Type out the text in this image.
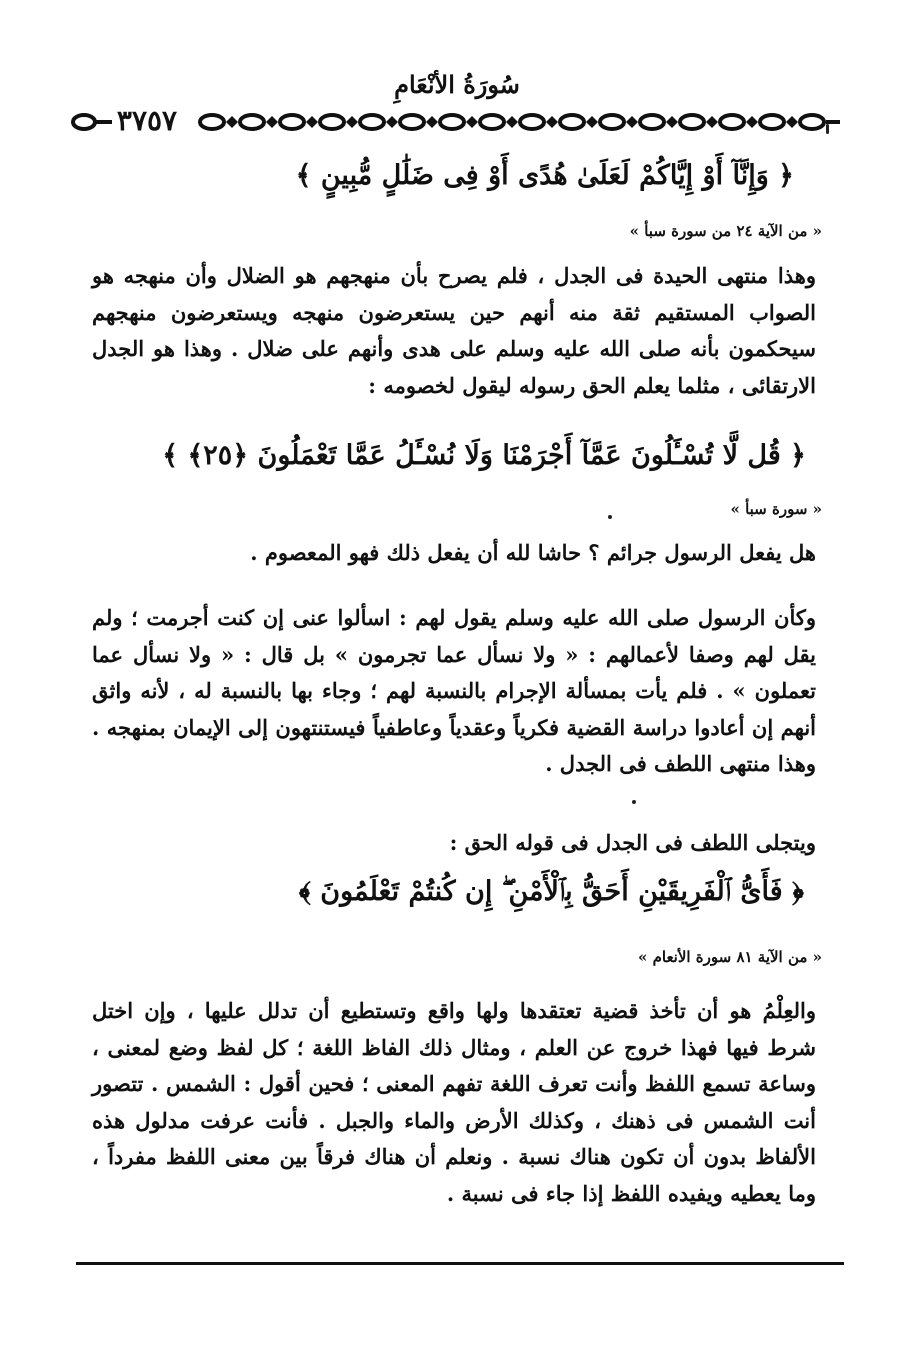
سُورَةُ الأنْعَامِ
٣٧٥٧
﴿ وَإِنَّآ أَوْ إِيَّاكُمْ لَعَلَىٰ هُدًى أَوْ فِى ضَلَٰلٍ مُّبِينٍ ﴾
« من الآية ٢٤ من سورة سبأ »
وهذا منتهى الحيدة فى الجدل ، فلم يصرح بأن منهجهم هو الضلال وأن منهجه هو الصواب المستقيم ثقة منه أنهم حين يستعرضون منهجه ويستعرضون منهجهم سيحكمون بأنه صلى الله عليه وسلم على هدى وأنهم على ضلال . وهذا هو الجدل الارتقائى ، مثلما يعلم الحق رسوله ليقول لخصومه :
﴿ قُل لَّا تُسْـَٔلُونَ عَمَّآ أَجْرَمْنَا وَلَا نُسْـَٔلُ عَمَّا تَعْمَلُونَ ﴿٢٥﴾ ﴾
« سورة سبأ »
هل يفعل الرسول جرائم ؟ حاشا لله أن يفعل ذلك فهو المعصوم .
وكأن الرسول صلى الله عليه وسلم يقول لهم : اسألوا عنى إن كنت أجرمت ؛ ولم يقل لهم وصفا لأعمالهم : « ولا نسأل عما تجرمون » بل قال : « ولا نسأل عما تعملون » . فلم يأت بمسألة الإجرام بالنسبة لهم ؛ وجاء بها بالنسبة له ، لأنه واثق أنهم إن أعادوا دراسة القضية فكرياً وعقدياً وعاطفياً فيستنتهون إلى الإيمان بمنهجه . وهذا منتهى اللطف فى الجدل .
ويتجلى اللطف فى الجدل فى قوله الحق :
﴿ فَأَىُّ ٱلْفَرِيقَيْنِ أَحَقُّ بِٱلْأَمْنِ ۖ إِن كُنتُمْ تَعْلَمُونَ ﴾
« من الآية ٨١ سورة الأنعام »
والعِلْمُ هو أن تأخذ قضية تعتقدها ولها واقع وتستطيع أن تدلل عليها ، وإن اختل شرط فيها فهذا خروج عن العلم ، ومثال ذلك الفاظ اللغة ؛ كل لفظ وضع لمعنى ، وساعة تسمع اللفظ وأنت تعرف اللغة تفهم المعنى ؛ فحين أقول : الشمس . تتصور أنت الشمس فى ذهنك ، وكذلك الأرض والماء والجبل . فأنت عرفت مدلول هذه الألفاظ بدون أن تكون هناك نسبة . ونعلم أن هناك فرقاً بين معنى اللفظ مفرداً ، وما يعطيه ويفيده اللفظ إذا جاء فى نسبة .
